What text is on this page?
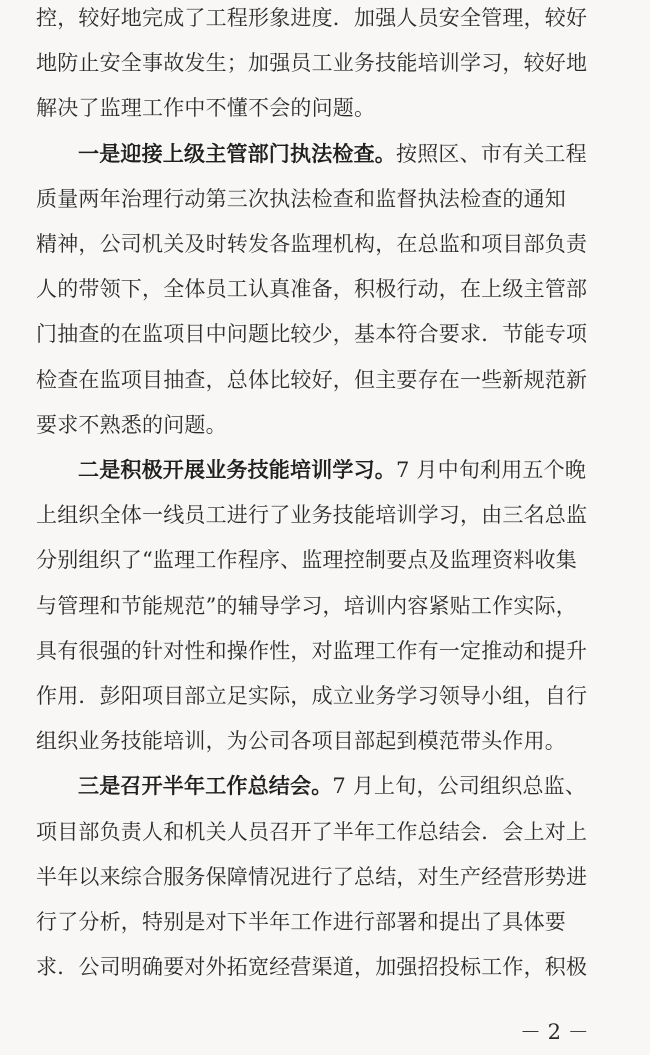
控，较好地完成了工程形象进度．加强人员安全管理，较好
地防止安全事故发生；加强员工业务技能培训学习，较好地
解决了监理工作中不懂不会的问题。
一是迎接上级主管部门执法检查。按照区、市有关工程
质量两年治理行动第三次执法检查和监督执法检查的通知
精神，公司机关及时转发各监理机构，在总监和项目部负责
人的带领下，全体员工认真准备，积极行动，在上级主管部
门抽查的在监项目中问题比较少，基本符合要求．节能专项
检查在监项目抽查，总体比较好，但主要存在一些新规范新
要求不熟悉的问题。
二是积极开展业务技能培训学习。7 月中旬利用五个晚
上组织全体一线员工进行了业务技能培训学习，由三名总监
分别组织了“监理工作程序、监理控制要点及监理资料收集
与管理和节能规范”的辅导学习，培训内容紧贴工作实际，
具有很强的针对性和操作性，对监理工作有一定推动和提升
作用．彭阳项目部立足实际，成立业务学习领导小组，自行
组织业务技能培训，为公司各项目部起到模范带头作用。
三是召开半年工作总结会。7 月上旬，公司组织总监、
项目部负责人和机关人员召开了半年工作总结会．会上对上
半年以来综合服务保障情况进行了总结，对生产经营形势进
行了分析，特别是对下半年工作进行部署和提出了具体要
求．公司明确要对外拓宽经营渠道，加强招投标工作，积极
－ 2 －
